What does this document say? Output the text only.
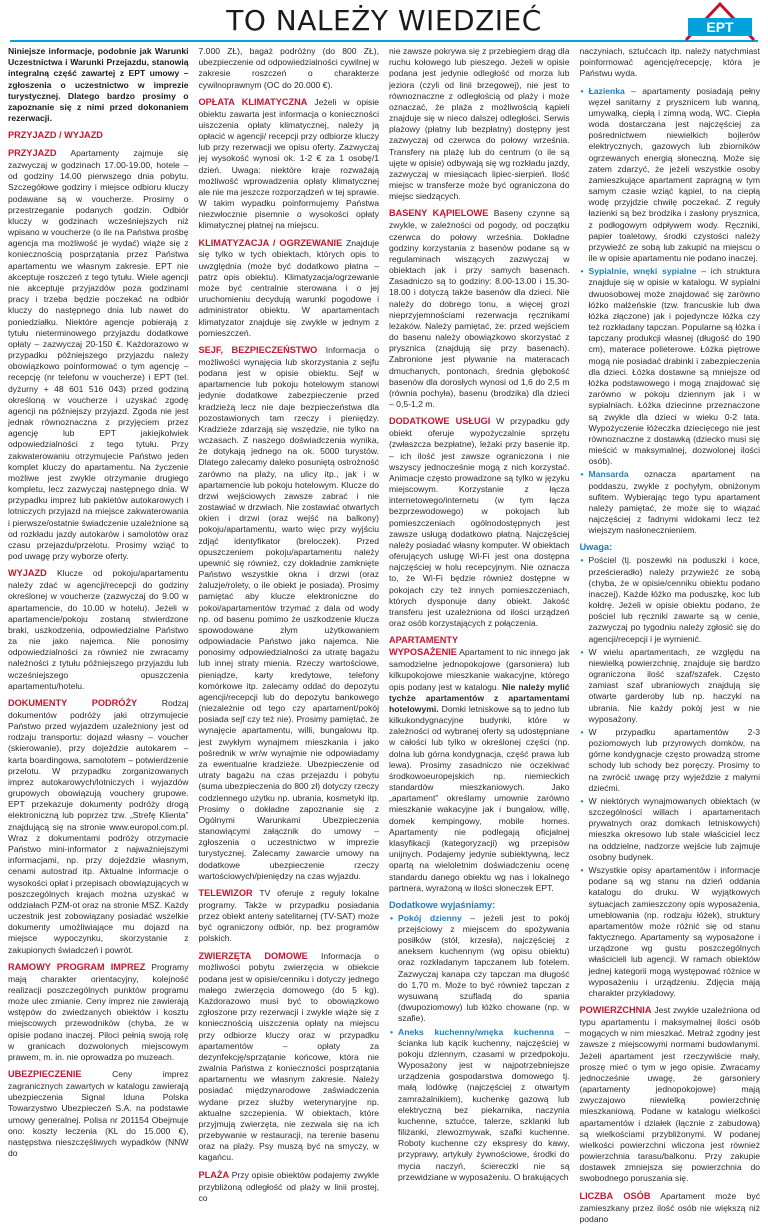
TO NALEŻY WIEDZIEĆ	EPT

Niniejsze informacje, podobnie jak Warunki Uczestnictwa i Warunki Przejazdu, stanowią integralną część zawartej z EPT umowy – zgłoszenia o uczestnictwo w imprezie turystycznej. Dlatego bardzo prosimy o zapoznanie się z nimi przed dokonaniem rezerwacji.

PRZYJAZD / WYJAZD

PRZYJAZD Apartamenty zajmuje się zazwyczaj w godzinach 17.00-19.00, hotele – od godziny 14.00 pierwszego dnia pobytu. Szczegółowe godziny i miejsce odbioru kluczy podawane są w voucherze. Prosimy o przestrzeganie podanych godzin. Odbiór kluczy w godzinach wcześniejszych niż wpisano w voucherze (o ile na Państwa prośbę agencja ma możliwość je wydać) wiąże się z koniecznością posprzątania przez Państwa apartamentu we własnym zakresie. EPT nie akceptuje roszczeń z tego tytułu. Wiele agencji nie akceptuje przyjazdów poza godzinami pracy i trzeba będzie poczekać na odbiór kluczy do następnego dnia lub nawet do poniedziałku. Niektóre agencje pobierają z tytułu nieterminowego przyjazdu dodatkowe opłaty – zazwyczaj 20-150 €. Każdorazowo w przypadku późniejszego przyjazdu należy obowiązkowo poinformować o tym agencję – recepcję (nr telefonu w voucherze) i EPT (tel. dyżurny + 48 601 516 043) przed godziną określoną w voucherze i uzyskać zgodę agencji na późniejszy przyjazd. Zgoda nie jest jednak równoznaczna z przyjęciem przez agencję lub EPT jakiejkolwiek odpowiedzialności z tego tytułu. Przy zakwaterowaniu otrzymujecie Państwo jeden komplet kluczy do apartamentu. Na życzenie możliwe jest zwykle otrzymanie drugiego kompletu, lecz zazwyczaj następnego dnia. W przypadku imprez lub pakietów autokarowych i lotniczych przyjazd na miejsce zakwaterowania i pierwsze/ostatnie świadczenie uzależnione są od rozkładu jazdy autokarów i samolotów oraz czasu przejazdu/przelotu. Prosimy wziąć to pod uwagę przy wyborze oferty.

WYJAZD Klucze od pokoju/apartamentu należy zdać w agencji/recepcji do godziny określonej w voucherze (zazwyczaj do 9.00 w apartamencie, do 10.00 w hotelu). Jeżeli w apartamencie/pokoju zostaną stwierdzone braki, uszkodzenia, odpowiedzialne Państwo za nie jako najemca. Nie ponosimy odpowiedzialności za również nie zwracamy należności z tytułu późniejszego przyjazdu lub wcześniejszego opuszczenia apartamentu/hotelu.

DOKUMENTY PODRÓŻY	Rodzaj dokumentów podróży jaki otrzymujecie Państwo przed wyjazdem uzależniony jest od rodzaju transportu: dojazd własny – voucher (skierowanie), przy dojeździe autokarem – karta boardingowa, samolotem – potwierdzenie przelotu. W przypadku zorganizowanych imprez autokarowych/lotniczych i wyjazdów grupowych obowiązują vouchery grupowe. EPT przekazuje dokumenty podróży drogą elektroniczną lub poprzez tzw. „Strefę Klienta” znajdującą się na stronie www.europol.com.pl. Wraz z dokumentami podróży otrzymacie Państwo mini-informator z najważniejszymi informacjami, np. przy dojeździe własnym, cenami autostrad itp. Aktualne informacje o wysokości opłat i przepisach obowiązujących w poszczególnych krajach można uzyskać w oddziałach PZM-ot oraz na stronie MSZ. Każdy uczestnik jest zobowiązany posiadać wszelkie dokumenty umożliwiające mu dojazd na miejsce wypoczynku, skorzystanie z zakupionych świadczeń i powrót.

RAMOWY PROGRAM IMPREZ Programy mają charakter orientacyjny, kolejność realizacji poszczególnych punktów programu może ulec zmianie. Ceny imprez nie zawierają wstępów do zwiedzanych obiektów i kosztu miejscowych przewodników (chyba, że w opisie podano inaczej. Piloci pełnią swoją rolę w granicach dozwolonych miejscowym prawem, m. in. nie oprowadza po muzeach.

UBEZPIECZENIE	Ceny imprez zagranicznych zawartych w katalogu zawierają ubezpieczenia Signal Iduna Polska Towarzystwo Ubezpieczeń S.A. na podstawie umowy generalnej. Polisa nr 201154 Obejmuje ono: koszty leczenia (KL do 15.000 €), następstwa nieszczęśliwych wypadków (NNW do

7.000 ZŁ), bagaż podróżny (do 800 ZŁ), ubezpieczenie od odpowiedzialności cywilnej w zakresie roszczeń o charakterze cywilnoprawnym (OC do 20.000 €).

OPŁATA KLIMATYCZNA Jeżeli w opisie obiektu zawarta jest informacja o konieczności uiszczenia opłaty klimatycznej, należy ją opłacić w agencji/ recepcji przy odbiorze kluczy lub przy rezerwacji we opisu oferty. Zazwyczaj jej wysokość wynosi ok. 1-2 € za 1 osobę/1 dzień. Uwaga: niektóre kraje rozważają możliwość wprowadzenia opłaty klimatycznej ale nie ma jeszcze rozporządzeń w tej sprawie. W takim wypadku poinformujemy Państwa niezwłocznie pisemnie o wysokości opłaty klimatycznej płatnej na miejscu.

KLIMATYZACJA / OGRZEWANIE Znajduje się tylko w tych obiektach, których opis to uwzględnia (może być dodatkowo płatna – patrz opis obiektu). Klimatyzacja/ogrzewanie może być centralnie sterowana i o jej uruchomieniu decydują warunki pogodowe i administrator obiektu. W apartamentach klimatyzator znajduje się zwykle w jednym z pomieszczeń.

SEJF, BEZPIECZEŃSTWO Informacja o możliwości wynajęcia lub skorzystania z sejfu podana jest w opisie obiektu. Sejf w apartamencie lub pokoju hotelowym stanowi jedynie dodatkowe zabezpieczenie przed kradzieżą lecz nie daje bezpieczeństwa dla pozostawionych tam rzeczy i pieniędzy. Kradzieże zdarzają się wszędzie, nie tylko na wczasach. Z naszego doświadczenia wynika, że dotykają jednego na ok. 5000 turystów. Dlatego zalecamy daleko posuniętą ostrożność zarówno na plaży, na ulicy itp., jak i w apartamencie lub pokoju hotelowym. Klucze do drzwi wejściowych zawsze zabrać i nie zostawiać w drzwiach. Nie zostawiać otwartych okien i drzwi (oraz wejść na balkony) pokoju/apartamentu, warto więc przy wyjściu zdjąć identyfikator (breloczek). Przed opuszczeniem pokoju/apartamentu należy upewnić się również, czy dokładnie zamknięte Państwo wszystkie okna i drzwi (oraz żaluzje/rolety, o ile obiekt je posiada). Prosimy pamiętać aby klucze elektroniczne do pokoi/apartamentów trzymać z dala od wody np. od basenu pomimo że uszkodzenie klucza spowodowane złym użytkowaniem odpowiadacie Państwo jako najemca. Nie ponosimy odpowiedzialności za utratę bagażu lub innej straty mienia. Rzeczy wartościowe, pieniądze, karty kredytowe, telefony komórkowe itp. zalecamy oddać do depozytu agencji/recepcji lub do depozytu bankowego (niezależnie od tego czy apartament/pokój posiada sejf czy też nie). Prosimy pamiętać, że wynajęcie apartamentu, willi, bungalowu itp. jest zwykłym wynajmem mieszkania i jako pośrednik w wr/w wynajmie nie odpowiadamy za ewentualne kradzieże. Ubezpieczenie od utraty bagażu na czas przejazdu i pobytu (suma ubezpieczenia do 800 zł) dotyczy rzeczy codziennego użytku np. ubrania, kosmetyki itp. Prosimy o dokładne zapoznanie się z Ogólnymi Warunkami Ubezpieczenia stanowiącymi załącznik do umowy – zgłoszenia o uczestnictwo w imprezie turystycznej. Zalecamy zawarcie umowy na dodatkowe ubezpieczenie rzeczy wartościowych/pieniędzy na czas wyjazdu.

TELEWIZOR TV oferuje z reguły lokalne programy. Także w przypadku posiadania przez obiekt anteny satelitarnej (TV-SAT) może być ograniczony odbiór, np. bez programów polskich.

ZWIERZĘTA DOMOWE Informacja o możliwości pobytu zwierzęcia w obiekcie podana jest w opisie/cenniku i dotyczy jednego małego zwierzęcia domowego (do 5 kg). Każdorazowo musi być to obowiązkowo zgłoszone przy rezerwacji i zwykle wiąże się z koniecznością uiszczenia opłaty na miejscu przy odbiorze kluczy oraz w przypadku apartamentów – opłaty za dezynfekcję/sprzątanie końcowe, która nie zwalnia Państwa z konieczności posprzątania apartamentu we własnym zakresie. Należy posiadać międzynarodowe zaświadczenia wydane przez służby weterynaryjne np. aktualne szczepienia. W obiektach, które przyjmują zwierzęta, nie zezwala się na ich przebywanie w restauracji, na terenie basenu oraz na plaży. Psy muszą być na smyczy, w kagańcu.

PLAŻA Przy opisie obiektów podajemy zwykle przybliżoną odległość od plaży w linii prostej, co

nie zawsze pokrywa się z przebiegiem drąg dla ruchu kołowego lub pieszego. Jeżeli w opisie podana jest jedynie odległość od morza lub jeziora (czyli od linii brzegowej), nie jest to równoznaczne z odległością od plaży i może oznaczać, że plaża z możliwością kąpieli znajduje się w nieco dalszej odległości. Serwis plażowy (płatny lub bezpłatny) dostępny jest zazwyczaj od czerwca do połowy września. Transfery na plażę lub do centrum (o ile są ujęte w opisie) odbywają się wg rozkładu jazdy, zazwyczaj w miesiącach lipiec-sierpień. Ilość miejsc w transferze może być ograniczona do miejsc siedzących.

BASENY KĄPIELOWE Baseny czynne są zwykle, w zależności od pogody, od początku czerwca do połowy września. Dokładne godziny korzystania z basenów podane są w regulaminach wiszących zazwyczaj w obiektach jak i przy samych basenach. Zasadniczo są to godziny: 8.00-13.00 i 15.30-18.00 i dotyczą także basenów dla dzieci. Nie należy do dobrego tonu, a więcej grozi nieprzyjemnościami rezerwacja ręcznikami leżaków. Należy pamiętać, że: przed wejściem do basenu należy obowiązkowo skorzystać z prysznica (znajdują się przy basenach). Zabronione jest pływanie na materacach dmuchanych, pontonach, średnia głębokość basenów dla dorosłych wynosi od 1,6 do 2,5 m (równia pochyła), basenu (brodzika) dla dzieci – 0,5-1,2 m.

DODATKOWE USŁUGI W przypadku gdy obiekt oferuje wypożyczalnie sprzętu (zwłaszcza bezpłatne), leżaki przy basenie itp. – ich ilość jest zawsze ograniczona i nie wszyscy jednocześnie mogą z nich korzystać. Animacje często prowadzone są tylko w języku miejscowym. Korzystanie z łącza internetowego/internetu (w tym łącza bezprzewodowego) w pokojach lub pomieszczeniach ogólnodostępnych jest zawsze usługą dodatkowo płatną. Najczęściej należy posiadać własny komputer. W obiektach oferujących usługę Wi-Fi jest ona dostępna najczęściej w holu recepcyjnym. Nie oznacza to, że Wi-Fi będzie również dostępne w pokojach czy też innych pomieszczeniach, których dysponuje dany obiekt. Jakość transferu jest uzależniona od ilości urządzeń oraz osób korzystających z połączenia.

APARTAMENTY

WYPOSAŻENIE Apartament to nic innego jak samodzielne jednopokojowe (garsoniera) lub kilkupokojowe mieszkanie wakacyjne, którego opis podany jest w katalogu. Nie należy mylić tychże apartamentów z apartamentami hotelowymi. Domki letniskowe są to jedno lub kilkukondygnacyjne budynki, które w zależności od wybranej oferty są udostępniane w całości lub tylko w określonej części (np. dolna lub górna kondygnacja, część prawa lub lewa). Prosimy zasadniczo nie oczekiwać środkowoeuropejskich np. niemieckich standardów mieszkaniowych. Jako „apartament” określamy umownie zarówno mieszkanie wakacyjne jak i bungalow, willę, domek kempingowy, mobile homes. Apartamenty nie podlegają oficjalnej klasyfikacji (kategoryzacji) wg przepisów unijnych. Podajemy jedynie subiektywną, lecz opartą na wieloletnim doświadczeniu ocenę standardu danego obiektu wg nas i lokalnego partnera, wyrażoną w ilości słoneczek EPT.

Dodatkowe wyjaśniamy:

• Pokój dzienny – jeżeli jest to pokój przejściowy z miejscem do spożywania posiłków (stół, krzesła), najczęściej z aneksem kuchennym (wg opisu obiektu) oraz rozkładanym tapczanem lub fotelem. Zazwyczaj kanapa czy tapczan ma długość do 1,70 m. Może to być również tapczan z wysuwaną szufladą do spania (dwupoziomowy) lub łóżko chowane (np. w szafie).
• Aneks kuchenny/wnęka kuchenna – ścianka lub kącik kuchenny, najczęściej w pokoju dziennym, czasami w przedpokoju. Wyposażony jest w najpotrzebniejsze urządzenia gospodarstwa domowego tj. małą lodówkę (najczęściej z otwartym zamrażalnikiem), kuchenkę gazową lub elektryczną bez piekarnika, naczynia kuchenne, sztućce, talerze, szklanki lub filiżanki, zlewozmywak, szafki kuchenne. Roboty kuchenne czy ekspresy do kawy, przyprawy, artykuły żywnościowe, środki do mycia naczyń, ściereczki nie są przewidziane w wyposażeniu. O brakujących

naczyniach, sztućcach itp. należy natychmiast poinformować agencję/recepcję, która je Państwu wyda.

• Łazienka – apartamenty posiadają pełny węzeł sanitarny z prysznicem lub wanną, umywalką, ciepłą i zimną wodą, WC. Ciepła woda dostarczana jest najczęściej za pośrednictwem niewielkich bojlerów elektrycznych, gazowych lub zbiorników ogrzewanych energią słoneczną. Może się zatem zdarzyć, że jeżeli wszystkie osoby zamieszkujące apartament zapragną w tym samym czasie wziąć kąpiel, to na ciepłą wodę przyjdzie chwilę poczekać. Z reguły łazienki są bez brodzika i zasłony prysznica, z podłogowym odpływem wody. Ręczniki, papier toaletowy, środki czystości należy przywieźć ze sobą lub zakupić na miejscu o ile w opisie apartamentu nie podano inaczej.
• Sypialnie, wnęki sypialne – ich struktura znajduje się w opisie w katalogu. W sypialni dwuosobowej może znajdować się zarówno łóżko małżeńskie (tzw. francuskie lub dwa łóżka złączone) jak i pojedyncze łóżka czy też rozkładany tapczan. Popularne są łóżka i tapczany produkcji własnej (długość do 190 cm), materace polieterowe. Łóżka piętrowe mogą nie posiadać drabinki i zabezpieczenia dla dzieci. Łóżka dostawne są mniejsze od łóżka podstawowego i mogą znajdować się zarówno w pokoju dziennym jak i w sypialniach. Łóżka dziecinne przeznaczone są zwykle dla dzieci w wieku 0-2 lata. Wypożyczenie łóżeczka dziecięcego nie jest równoznaczne z dostawką (dziecko musi się mieścić w maksymalnej, dozwolonej ilości osób).
• Mansarda oznacza apartament na poddaszu, zwykle z pochyłym, obniżonym sufitem. Wybierając tego typu apartament należy pamiętać, że może się to wiązać najczęściej z fadnymi widokami lecz też wiejszym nasłonecznieniem.

Uwaga:

• Pościel (tj. poszewki na poduszki i koce, prześcieradło) należy przywieźć ze sobą (chyba, że w opisie/cenniku obiektu podano inaczej). Każde łóżko ma poduszkę, koc lub kołdrę. Jeżeli w opisie obiektu podano, że pościel lub ręczniki zawarte są w cenie, zazwyczaj po tygodniu należy zgłosić się do agencji/recepcji i je wymienić.
• W wielu apartamentach, ze względu na niewielką powierzchnię, znajduje się bardzo ograniczona ilość szaf/szafek. Często zamiast szaf ubraniowych znajdują się otwarte garderoby lub np. haczyki na ubrania. Nie każdy pokój jest w nie wyposażony.
• W przypadku apartamentów 2-3 poziomowych lub przyrowych domków, na górne kondygnacje często prowadzą strome schody lub schody bez poręczy. Prosimy to na zwrócić uwagę przy wyjeździe z małymi dziećmi.
• W niektórych wynajmowanych obiektach (w szczególności willach i apartamentach prywatnych oraz domkach letniskowych) mieszka okresowo lub stale właściciel lecz na oddzielne, nadzorze wejście lub zajmuje osobny budynek.
• Wszystkie opisy apartamentów i informacje podane są wg stanu na dzień oddania katalogu do druku. W wyjątkowych sytuacjach zamieszczony opis wyposażenia, umeblowania (np. rodzaju łóżek), struktury apartamentów może różnić się od stanu faktycznego. Apartamenty są wyposażone i urządzone wg gustu poszczególnych właścicieli lub agencji. W ramach obiektów jednej kategorii mogą występować różnice w wyposażeniu i urządzeniu. Zdjęcia mają charakter przykładowy.

POWIERZCHNIA Jest zwykle uzależniona od typu apartamentu i maksymalnej ilości osób mogących w nim mieszkać. Metraż zgodny jest zawsze z miejscowymi normami budowlanymi. Jeżeli apartament jest rzeczywiście mały, proszę mieć o tym w jego opisie. Zwracamy jednocześnie uwagę, że garsoniery (apartamenty jednopokojowe) mają zwyczajowo niewielką powierzchnię mieszkaniową. Podane w katalogu wielkości apartamentów i działek (łącznie z zabudową) są wielkościami przybliżonymi. W podanej wielkości powierzchni wliczona jest również powierzchnia tarasu/balkonu. Przy zakupie dostawek zmniejsza się powierzchnia do swobodnego poruszania się.

LICZBA OSÓB Apartament może być zamieszkany przez ilość osób nie większą niż podano
